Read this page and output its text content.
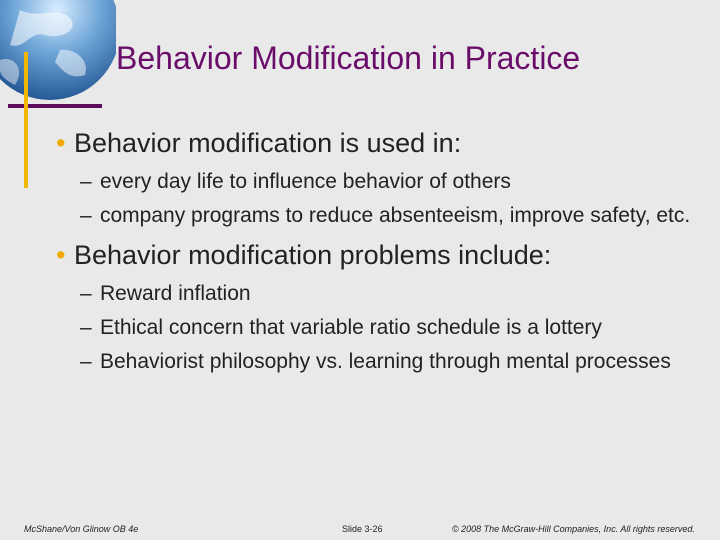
Behavior Modification in Practice
• Behavior modification is used in:
– every day life to influence behavior of others
– company programs to reduce absenteeism, improve safety, etc.
• Behavior modification problems include:
– Reward inflation
– Ethical concern that variable ratio schedule is a lottery
– Behaviorist philosophy vs. learning through mental processes
McShane/Von Glinow OB 4e	Slide 3-26	© 2008 The McGraw-Hill Companies, Inc. All rights reserved.
